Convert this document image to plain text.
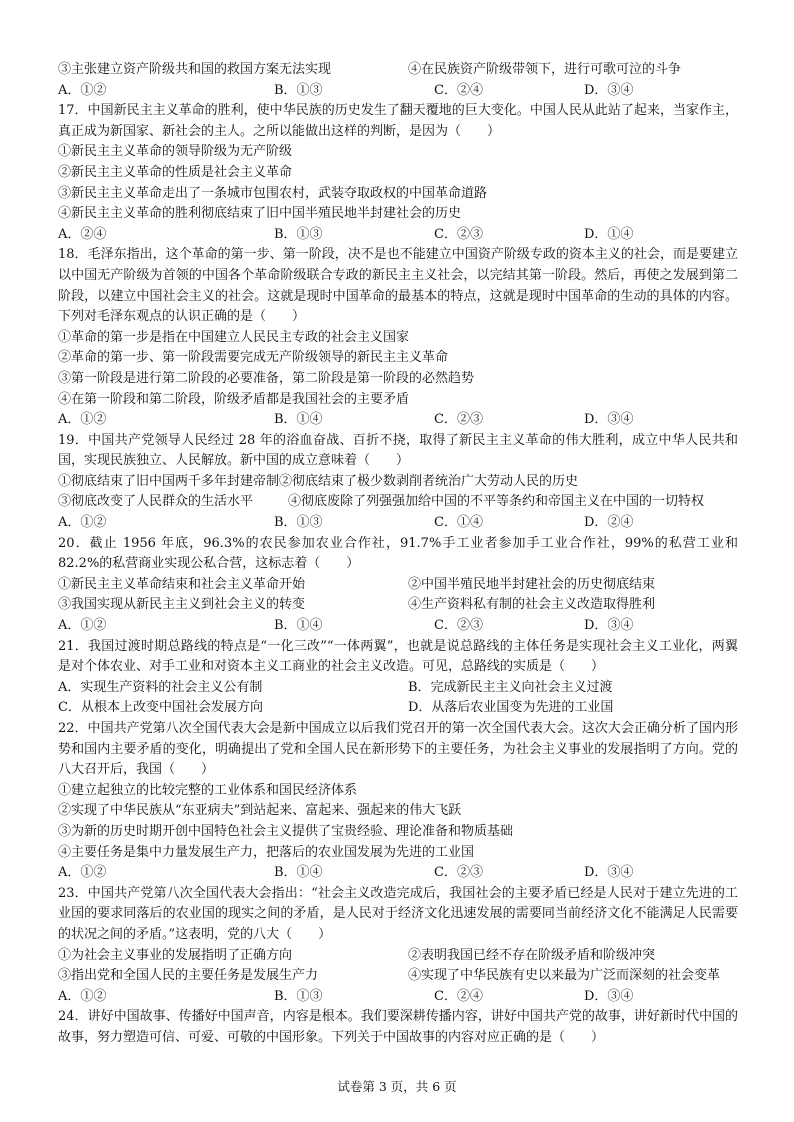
③主张建立资产阶级共和国的救国方案无法实现	④在民族资产阶级带领下，进行可歌可泣的斗争
A．①②	B．①③	C．②④	D．③④
17．中国新民主主义革命的胜利，使中华民族的历史发生了翻天覆地的巨大变化。中国人民从此站了起来，当家作主，真正成为新国家、新社会的主人。之所以能做出这样的判断，是因为（　　）
①新民主主义革命的领导阶级为无产阶级
②新民主主义革命的性质是社会主义革命
③新民主主义革命走出了一条城市包围农村，武装夺取政权的中国革命道路
④新民主主义革命的胜利彻底结束了旧中国半殖民地半封建社会的历史
A．②④	B．①③	C．②③	D．①④
18．毛泽东指出，这个革命的第一步、第一阶段，决不是也不能建立中国资产阶级专政的资本主义的社会，而是要建立以中国无产阶级为首领的中国各个革命阶级联合专政的新民主主义社会，以完结其第一阶段。然后，再使之发展到第二阶段，以建立中国社会主义的社会。这就是现时中国革命的最基本的特点，这就是现时中国革命的生动的具体的内容。下列对毛泽东观点的认识正确的是（　　）
①革命的第一步是指在中国建立人民民主专政的社会主义国家
②革命的第一步、第一阶段需要完成无产阶级领导的新民主主义革命
③第一阶段是进行第二阶段的必要准备，第二阶段是第一阶段的必然趋势
④在第一阶段和第二阶段，阶级矛盾都是我国社会的主要矛盾
A．①②	B．①④	C．②③	D．③④
19．中国共产党领导人民经过 28 年的浴血奋战、百折不挠，取得了新民主主义革命的伟大胜利，成立中华人民共和国，实现民族独立、人民解放。新中国的成立意味着（　　）
①彻底结束了旧中国两千多年封建帝制②彻底结束了极少数剥削者统治广大劳动人民的历史
③彻底改变了人民群众的生活水平	④彻底废除了列强强加给中国的不平等条约和帝国主义在中国的一切特权
A．①②	B．①③	C．①④	D．②④
20．截止 1956 年底，96.3%的农民参加农业合作社，91.7%手工业者参加手工业合作社，99%的私营工业和 82.2%的私营商业实现公私合营，这标志着（　　）
①新民主主义革命结束和社会主义革命开始	②中国半殖民地半封建社会的历史彻底结束
③我国实现从新民主主义到社会主义的转变	④生产资料私有制的社会主义改造取得胜利
A．①②	B．①④	C．②③	D．③④
21．我国过渡时期总路线的特点是“一化三改”“一体两翼”，也就是说总路线的主体任务是实现社会主义工业化，两翼是对个体农业、对手工业和对资本主义工商业的社会主义改造。可见，总路线的实质是（　　）
A．实现生产资料的社会主义公有制	B．完成新民主主义向社会主义过渡
C．从根本上改变中国社会发展方向	D．从落后农业国变为先进的工业国
22．中国共产党第八次全国代表大会是新中国成立以后我们党召开的第一次全国代表大会。这次大会正确分析了国内形势和国内主要矛盾的变化，明确提出了党和全国人民在新形势下的主要任务，为社会主义事业的发展指明了方向。党的八大召开后，我国（　　）
①建立起独立的比较完整的工业体系和国民经济体系
②实现了中华民族从“东亚病夫”到站起来、富起来、强起来的伟大飞跃
③为新的历史时期开创中国特色社会主义提供了宝贵经验、理论准备和物质基础
④主要任务是集中力量发展生产力，把落后的农业国发展为先进的工业国
A．①②	B．①④	C．②③	D．③④
23．中国共产党第八次全国代表大会指出：“社会主义改造完成后，我国社会的主要矛盾已经是人民对于建立先进的工业国的要求同落后的农业国的现实之间的矛盾，是人民对于经济文化迅速发展的需要同当前经济文化不能满足人民需要的状况之间的矛盾。”这表明，党的八大（　　）
①为社会主义事业的发展指明了正确方向	②表明我国已经不存在阶级矛盾和阶级冲突
③指出党和全国人民的主要任务是发展生产力	④实现了中华民族有史以来最为广泛而深刻的社会变革
A．①②	B．①③	C．②④	D．③④
24．讲好中国故事、传播好中国声音，内容是根本。我们要深耕传播内容，讲好中国共产党的故事，讲好新时代中国的故事，努力塑造可信、可爱、可敬的中国形象。下列关于中国故事的内容对应正确的是（　　）
试卷第 3 页，共 6 页
